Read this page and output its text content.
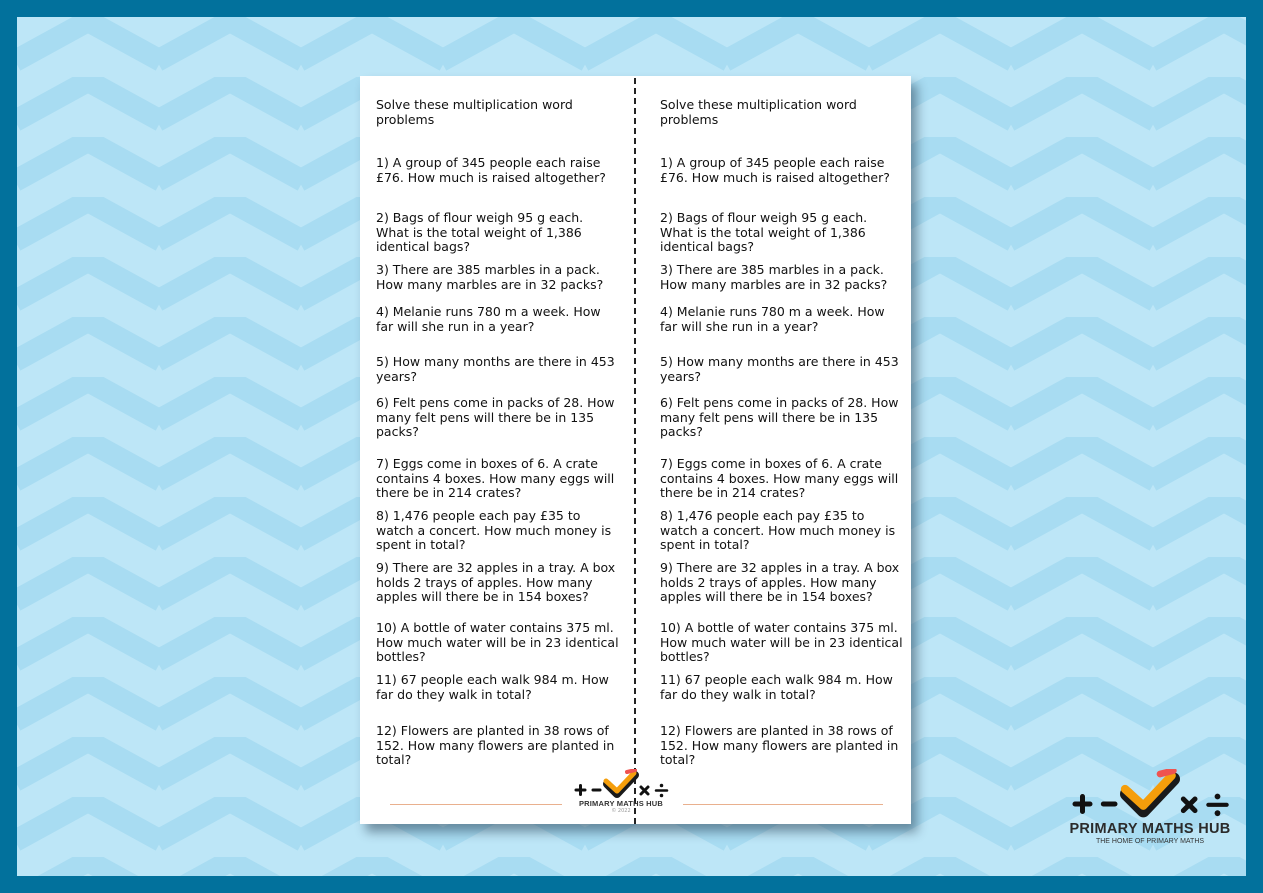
Solve these multiplication word
problems

1) A group of 345 people each raise
£76. How much is raised altogether?

2) Bags of flour weigh 95 g each.
What is the total weight of 1,386
identical bags?

3) There are 385 marbles in a pack.
How many marbles are in 32 packs?

4) Melanie runs 780 m a week. How
far will she run in a year?

5) How many months are there in 453
years?

6) Felt pens come in packs of 28. How
many felt pens will there be in 135
packs?

7) Eggs come in boxes of 6. A crate
contains 4 boxes. How many eggs will
there be in 214 crates?

8) 1,476 people each pay £35 to
watch a concert. How much money is
spent in total?

9) There are 32 apples in a tray. A box
holds 2 trays of apples. How many
apples will there be in 154 boxes?

10) A bottle of water contains 375 ml.
How much water will be in 23 identical
bottles?

11) 67 people each walk 984 m. How
far do they walk in total?

12) Flowers are planted in 38 rows of
152. How many flowers are planted in
total?

Solve these multiplication word
problems

1) A group of 345 people each raise
£76. How much is raised altogether?

2) Bags of flour weigh 95 g each.
What is the total weight of 1,386
identical bags?

3) There are 385 marbles in a pack.
How many marbles are in 32 packs?

4) Melanie runs 780 m a week. How
far will she run in a year?

5) How many months are there in 453
years?

6) Felt pens come in packs of 28. How
many felt pens will there be in 135
packs?

7) Eggs come in boxes of 6. A crate
contains 4 boxes. How many eggs will
there be in 214 crates?

8) 1,476 people each pay £35 to
watch a concert. How much money is
spent in total?

9) There are 32 apples in a tray. A box
holds 2 trays of apples. How many
apples will there be in 154 boxes?

10) A bottle of water contains 375 ml.
How much water will be in 23 identical
bottles?

11) 67 people each walk 984 m. How
far do they walk in total?

12) Flowers are planted in 38 rows of
152. How many flowers are planted in
total?

PRIMARY MATHS HUB
© 2022
PRIMARY MATHS HUB
THE HOME OF PRIMARY MATHS
